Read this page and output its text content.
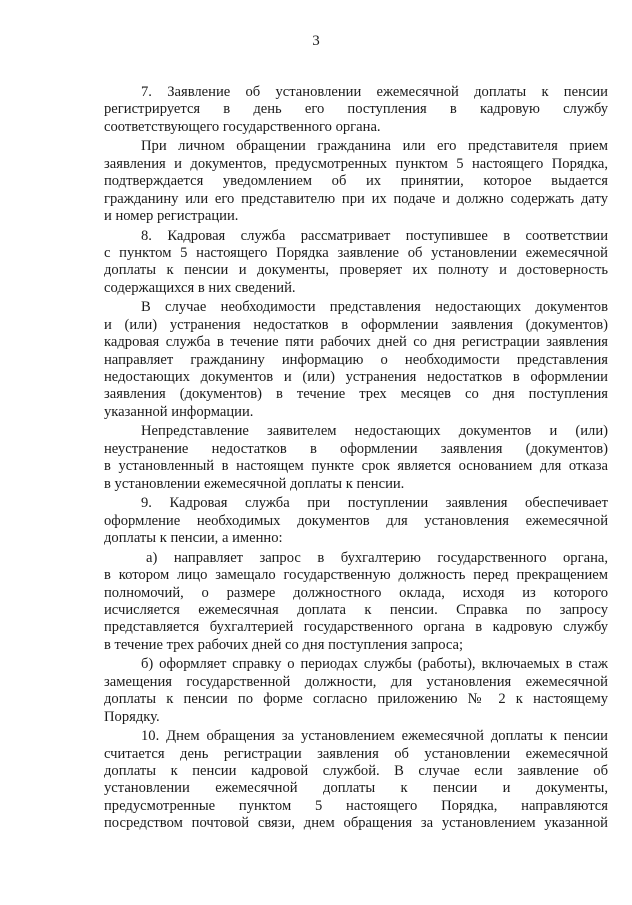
3
7. Заявление об установлении ежемесячной доплаты к пенсии
регистрируется в день его поступления в кадровую службу
соответствующего государственного органа.
При личном обращении гражданина или его представителя прием
заявления и документов, предусмотренных пунктом 5 настоящего Порядка,
подтверждается уведомлением об их принятии, которое выдается
гражданину или его представителю при их подаче и должно содержать дату
и номер регистрации.
8. Кадровая служба рассматривает поступившее в соответствии
с пунктом 5 настоящего Порядка заявление об установлении ежемесячной
доплаты к пенсии и документы, проверяет их полноту и достоверность
содержащихся в них сведений.
В случае необходимости представления недостающих документов
и (или) устранения недостатков в оформлении заявления (документов)
кадровая служба в течение пяти рабочих дней со дня регистрации заявления
направляет гражданину информацию о необходимости представления
недостающих документов и (или) устранения недостатков в оформлении
заявления (документов) в течение трех месяцев со дня поступления
указанной информации.
Непредставление заявителем недостающих документов и (или)
неустранение недостатков в оформлении заявления (документов)
в установленный в настоящем пункте срок является основанием для отказа
в установлении ежемесячной доплаты к пенсии.
9. Кадровая служба при поступлении заявления обеспечивает
оформление необходимых документов для установления ежемесячной
доплаты к пенсии, а именно:
а) направляет запрос в бухгалтерию государственного органа,
в котором лицо замещало государственную должность перед прекращением
полномочий, о размере должностного оклада, исходя из которого
исчисляется ежемесячная доплата к пенсии. Справка по запросу
представляется бухгалтерией государственного органа в кадровую службу
в течение трех рабочих дней со дня поступления запроса;
б) оформляет справку о периодах службы (работы), включаемых в стаж
замещения государственной должности, для установления ежемесячной
доплаты к пенсии по форме согласно приложению № 2 к настоящему
Порядку.
10. Днем обращения за установлением ежемесячной доплаты к пенсии
считается день регистрации заявления об установлении ежемесячной
доплаты к пенсии кадровой службой. В случае если заявление об
установлении ежемесячной доплаты к пенсии и документы,
предусмотренные пунктом 5 настоящего Порядка, направляются
посредством почтовой связи, днем обращения за установлением указанной
